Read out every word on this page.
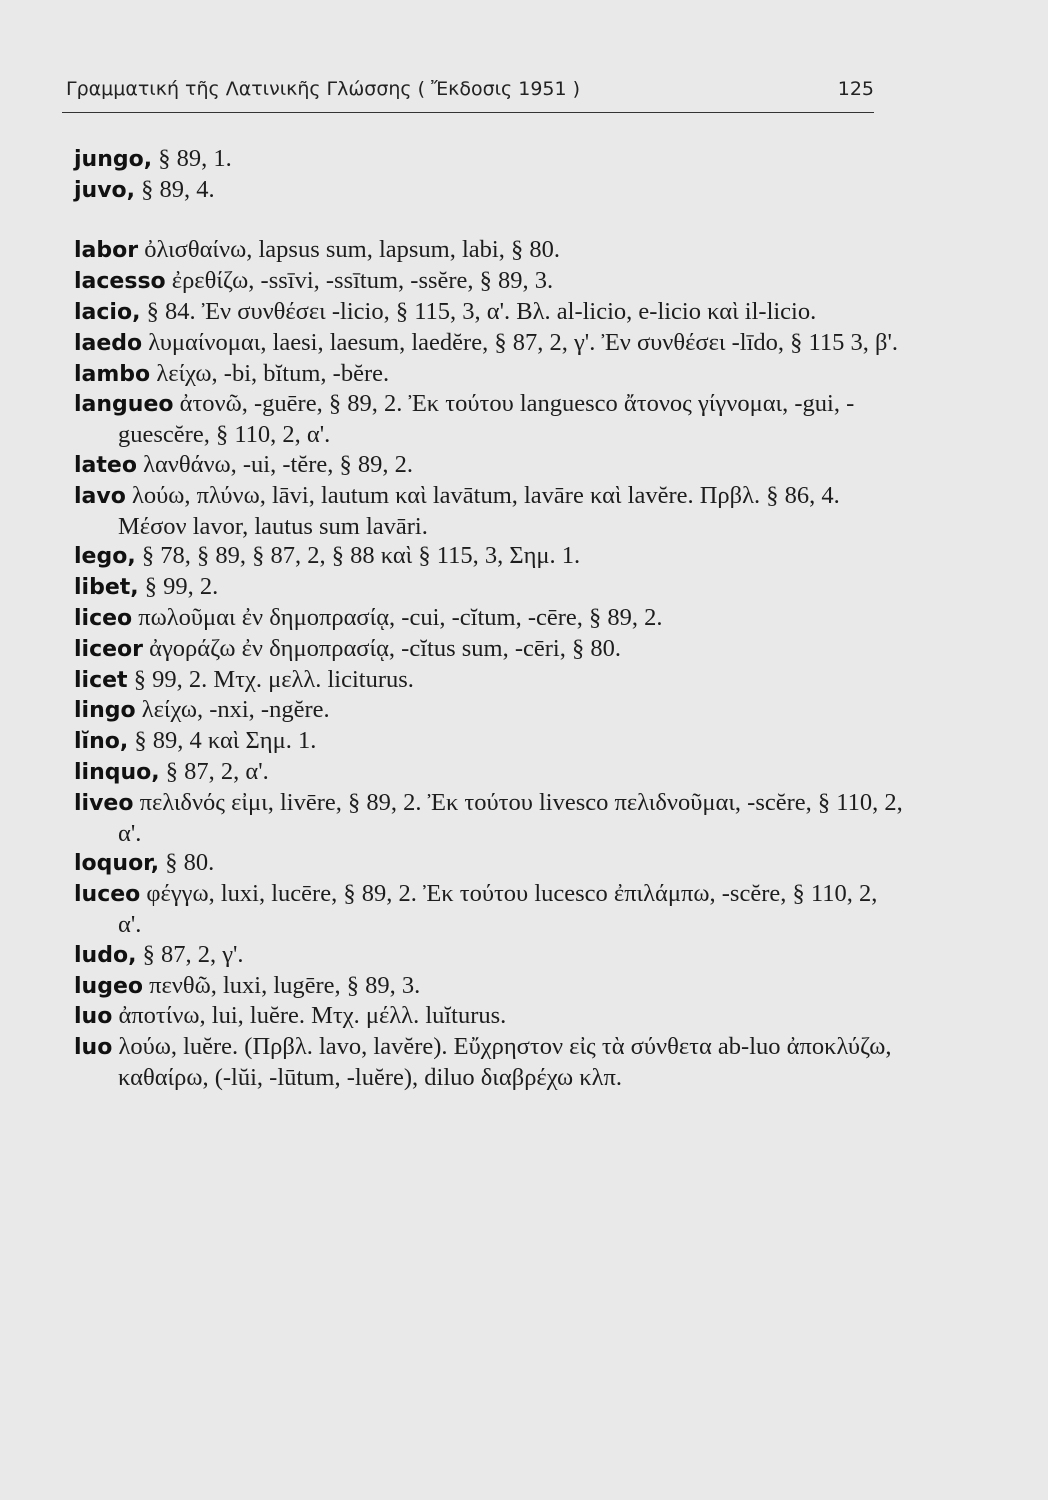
Γραμματική τῆς Λατινικῆς Γλώσσης ( Ἔκδοσις 1951 )	125
jungo, § 89, 1.
juvo, § 89, 4.
labor ὀλισθαίνω, lapsus sum, lapsum, labi, § 80.
lacesso ἐρεθίζω, -ssīvi, -ssītum, -ssĕre, § 89, 3.
lacio, § 84. Ἐν συνθέσει -licio, § 115, 3, α'. Βλ. al-licio, e-licio καὶ il-licio.
laedo λυμαίνομαι, laesi, laesum, laedĕre, § 87, 2, γ'. Ἐν συνθέσει -līdo, § 115 3, β'.
lambo λείχω, -bi, bĭtum, -bĕre.
langueo ἀτονῶ, -guēre, § 89, 2. Ἐκ τούτου languesco ἄτονος γίγνομαι, -gui, -guescĕre, § 110, 2, α'.
lateo λανθάνω, -ui, -tĕre, § 89, 2.
lavo λούω, πλύνω, lāvi, lautum καὶ lavātum, lavāre καὶ lavĕre. Πρβλ. § 86, 4. Μέσον lavor, lautus sum lavāri.
lego, § 78, § 89, § 87, 2, § 88 καὶ § 115, 3, Σημ. 1.
libet, § 99, 2.
liceo πωλοῦμαι ἐν δημοπρασίᾳ, -cui, -cĭtum, -cēre, § 89, 2.
liceor ἀγοράζω ἐν δημοπρασίᾳ, -cĭtus sum, -cēri, § 80.
licet § 99, 2. Μτχ. μελλ. liciturus.
lingo λείχω, -nxi, -ngĕre.
lĭno, § 89, 4 καὶ Σημ. 1.
linquo, § 87, 2, α'.
liveo πελιδνός εἰμι, livēre, § 89, 2. Ἐκ τούτου livesco πελιδνοῦμαι, -scĕre, § 110, 2, α'.
loquor, § 80.
luceo φέγγω, luxi, lucēre, § 89, 2. Ἐκ τούτου lucesco ἐπιλάμπω, -scĕre, § 110, 2, α'.
ludo, § 87, 2, γ'.
lugeo πενθῶ, luxi, lugēre, § 89, 3.
luo ἀποτίνω, lui, luĕre. Μτχ. μέλλ. luĭturus.
luo λούω, luĕre. (Πρβλ. lavo, lavĕre). Εὔχρηστον εἰς τὰ σύνθετα ab-luo ἀποκλύζω, καθαίρω, (-lŭi, -lūtum, -luĕre), diluo διαβρέχω κλπ.
